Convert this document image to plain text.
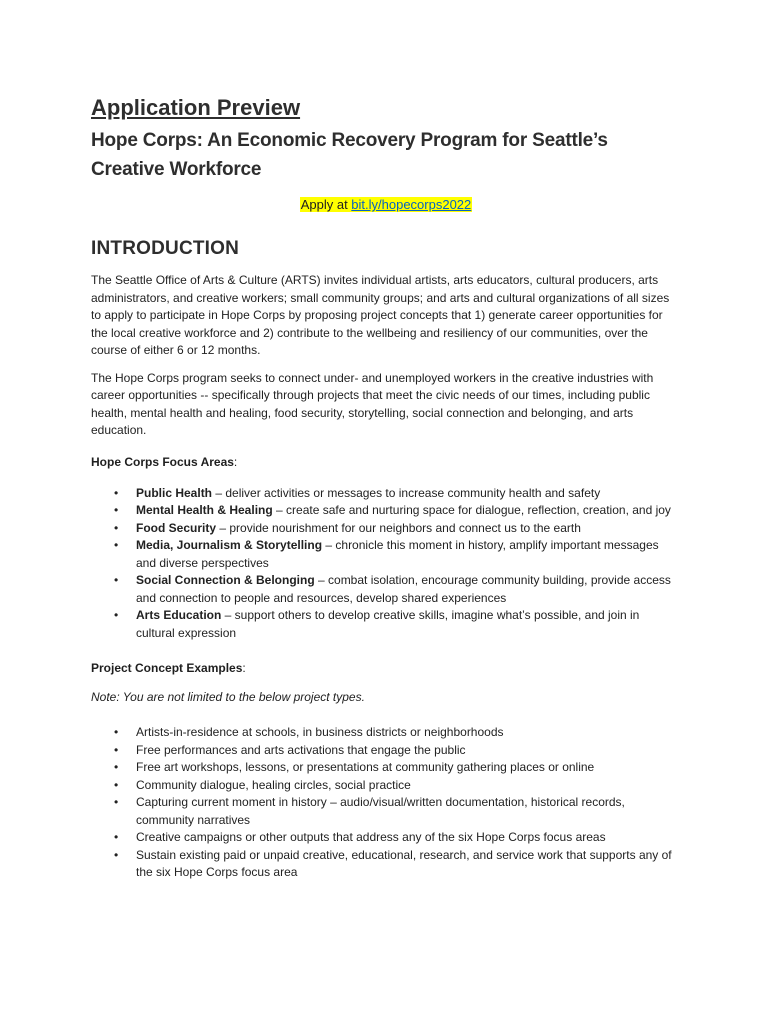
Application Preview
Hope Corps: An Economic Recovery Program for Seattle’s Creative Workforce
Apply at bit.ly/hopecorps2022
INTRODUCTION

The Seattle Office of Arts & Culture (ARTS) invites individual artists, arts educators, cultural producers, arts administrators, and creative workers; small community groups; and arts and cultural organizations of all sizes to apply to participate in Hope Corps by proposing project concepts that 1) generate career opportunities for the local creative workforce and 2) contribute to the wellbeing and resiliency of our communities, over the course of either 6 or 12 months.

The Hope Corps program seeks to connect under- and unemployed workers in the creative industries with career opportunities -- specifically through projects that meet the civic needs of our times, including public health, mental health and healing, food security, storytelling, social connection and belonging, and arts education.

Hope Corps Focus Areas:
• Public Health – deliver activities or messages to increase community health and safety
• Mental Health & Healing – create safe and nurturing space for dialogue, reflection, creation, and joy
• Food Security – provide nourishment for our neighbors and connect us to the earth
• Media, Journalism & Storytelling – chronicle this moment in history, amplify important messages and diverse perspectives
• Social Connection & Belonging – combat isolation, encourage community building, provide access and connection to people and resources, develop shared experiences
• Arts Education – support others to develop creative skills, imagine what’s possible, and join in cultural expression
Project Concept Examples:
Note: You are not limited to the below project types.
• Artists-in-residence at schools, in business districts or neighborhoods
• Free performances and arts activations that engage the public
• Free art workshops, lessons, or presentations at community gathering places or online
• Community dialogue, healing circles, social practice
• Capturing current moment in history – audio/visual/written documentation, historical records, community narratives
• Creative campaigns or other outputs that address any of the six Hope Corps focus areas
• Sustain existing paid or unpaid creative, educational, research, and service work that supports any of the six Hope Corps focus area
